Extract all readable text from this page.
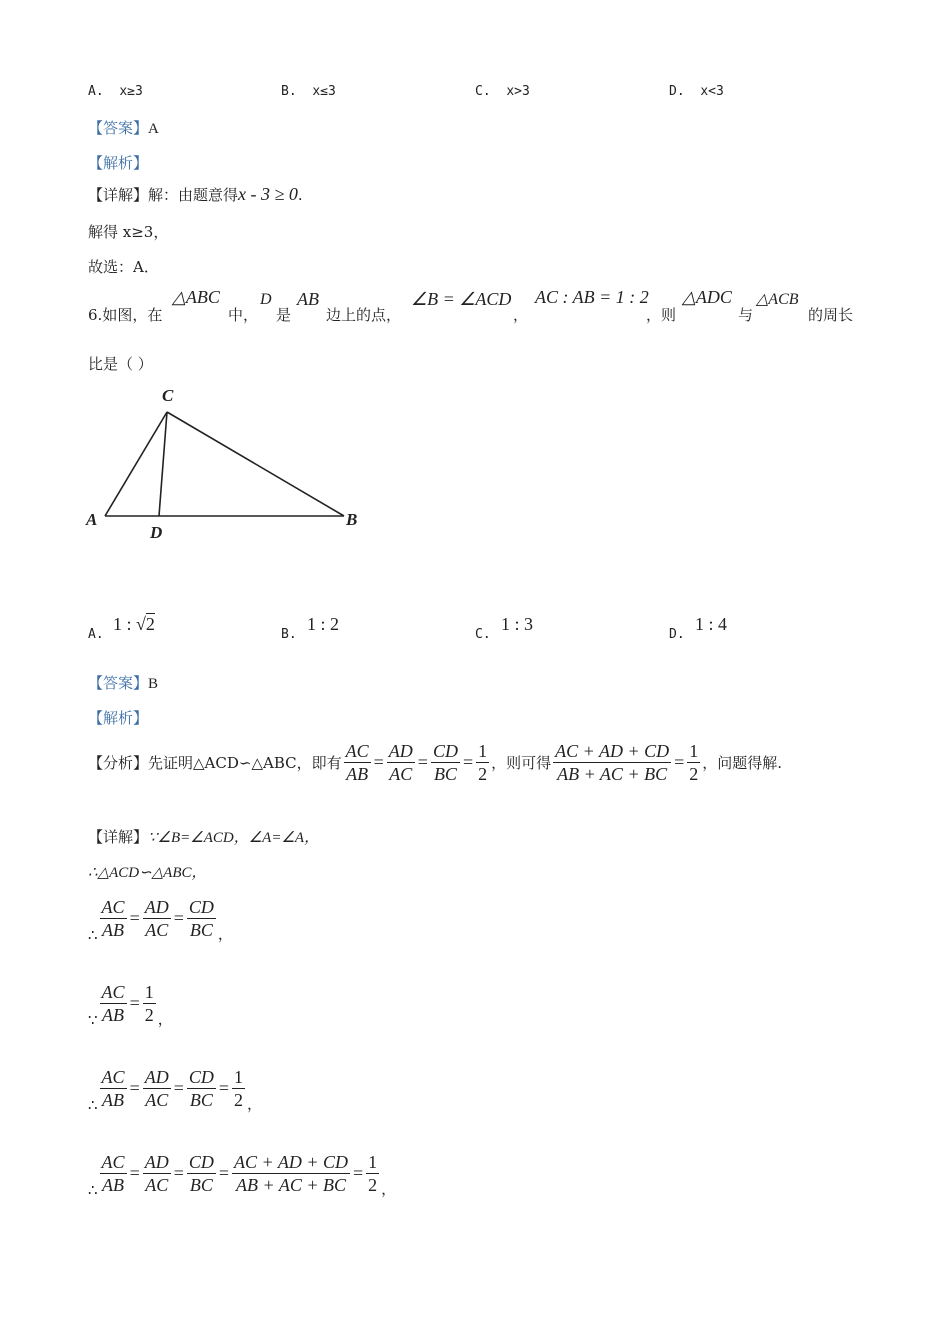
A. x≥3	B. x≤3	C. x>3	D. x<3
【答案】A
【解析】
【详解】解：由题意得x - 3 ≥ 0.
解得 x≥3，
故选：A．
6.如图，在
△ABC
中，
D
是
AB
边上的点，
∠B = ∠ACD
，
AC : AB = 1 : 2
，则
△ADC
与
△ACB
的周长
比是（ ）
C
A
D
B
A.
1 : √2
B.
1 : 2
C.
1 : 3
D.
1 : 4
【答案】B
【解析】
【分析】 先证明△ACD∽△ABC，即有 $\frac{AC}{AB} = \frac{AD}{AC} = \frac{CD}{BC} = \frac{1}{2}$ ，则可得 $\frac{AC + AD + CD}{AB + AC + BC} = \frac{1}{2}$ ，问题得解.
【详解】∵∠B=∠ACD，∠A=∠A，
∴△ACD∽△ABC，
∴ $\frac{AC}{AB} = \frac{AD}{AC} = \frac{CD}{BC}$ ，
∵ $\frac{AC}{AB} = \frac{1}{2}$ ，
∴ $\frac{AC}{AB} = \frac{AD}{AC} = \frac{CD}{BC} = \frac{1}{2}$ ，
∴ $\frac{AC}{AB} = \frac{AD}{AC} = \frac{CD}{BC} = \frac{AC + AD + CD}{AB + AC + BC} = \frac{1}{2}$ ，
